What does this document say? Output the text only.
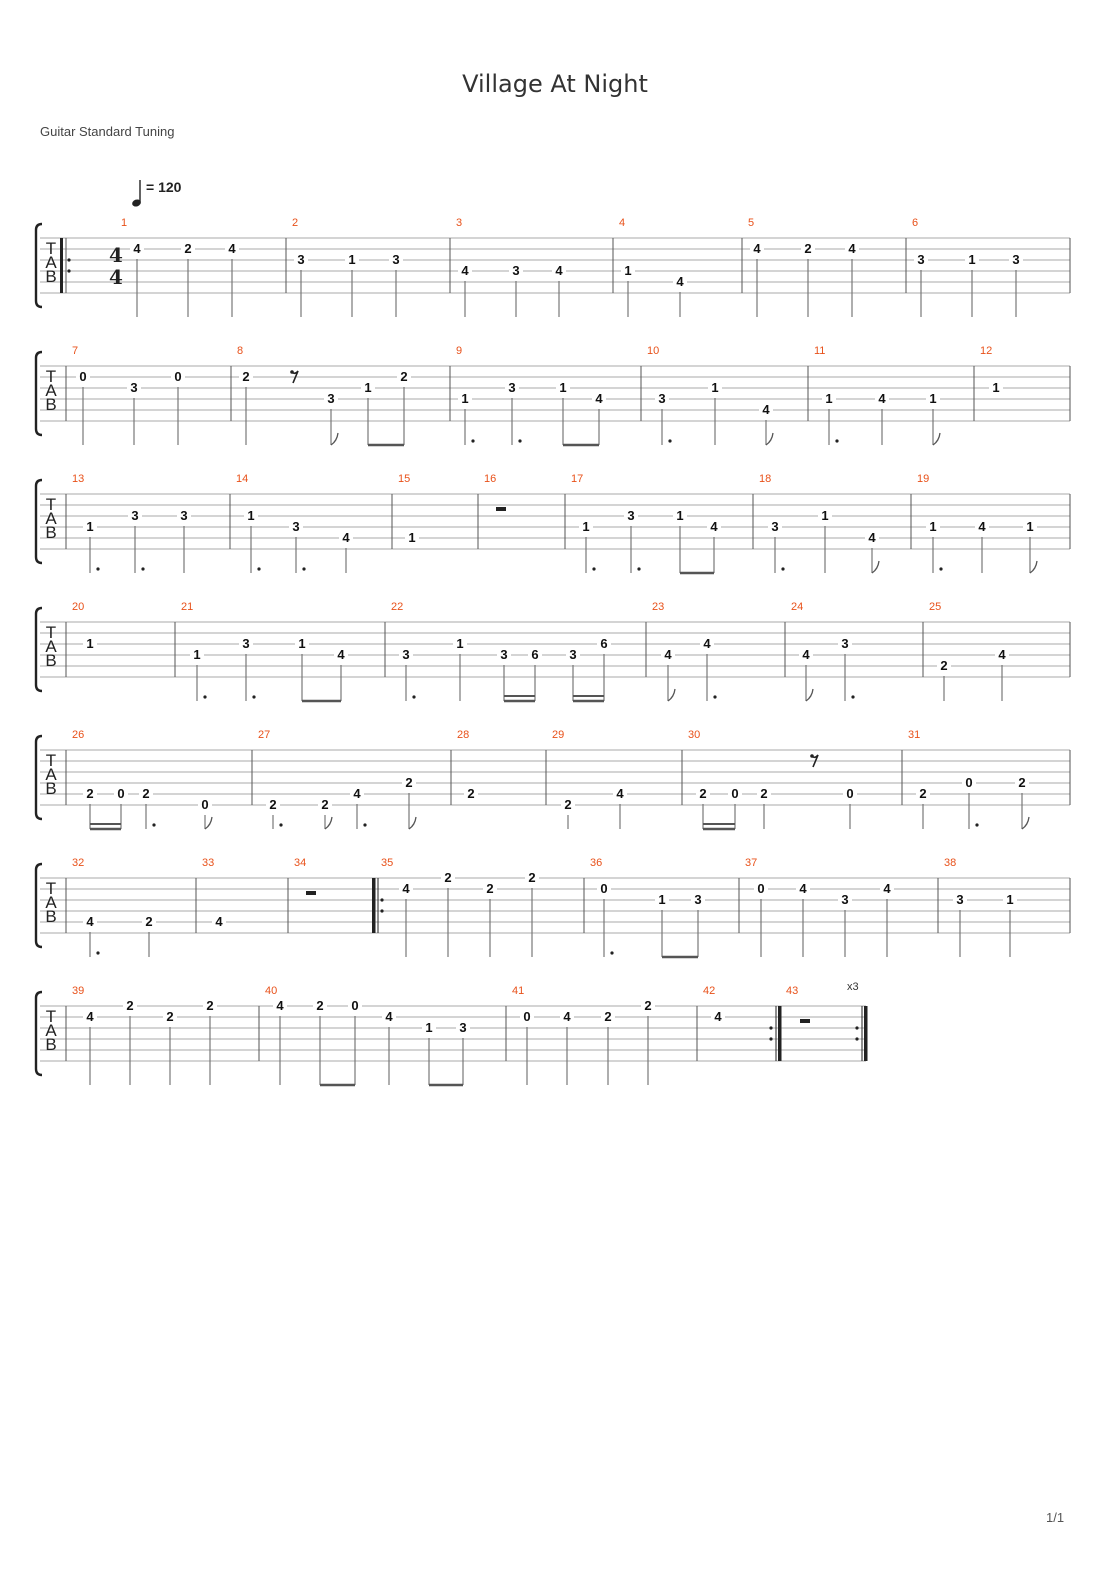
Village At Night
Guitar Standard Tuning
= 120
T
A
B
1
4	2	4
2
3	1	3
3
4	3	4
4
1
4
5
4	2	4
6
3	1	3
T
A
B
7
0
3
0
8
2
3
1
2
9
1
3	1
4
10
3
1
4
11
1	4	1
12
1
T
A
B
13
1
3	3
14
1
3
4
15
1
16	17
1
3	1
4
18
3
1
4
19
1	4	1
T
A
B
20
1
21
1
3	1
4
22
3
1
3 6 3
6
23
4
4
24
4
3
25
2
4
T
A
B
26
2 0 2
0
27
2	2
4
2
28
2
29
2
4
30
2 0 2	0
31
2
0	2
T
A
B
32
4	2
33
4
34	35
4
2
2
2
36
0
1 3
37
0	4
3
4
38
3	1
T
A
B
39
4
2
2
2
40
4	2 0
4
1 3
41
0	4	2
2
42
4
43
4
4
x3
1/1
